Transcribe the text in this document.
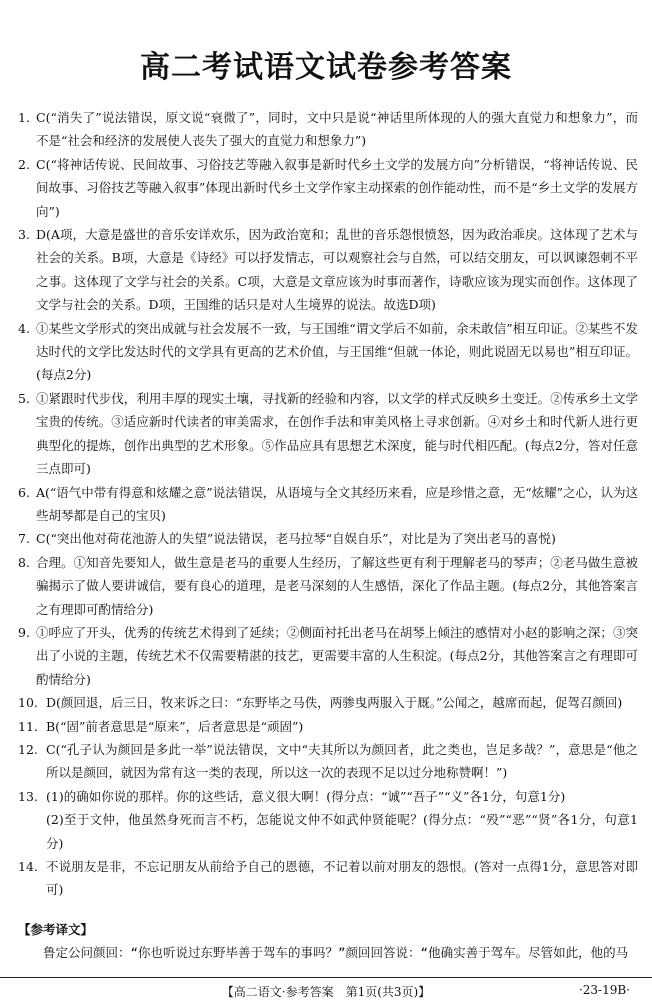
高二考试语文试卷参考答案
1. C(“消失了”说法错误，原文说“衰微了”，同时，文中只是说“神话里所体现的人的强大直觉力和想象力”，而不是“社会和经济的发展使人丧失了强大的直觉力和想象力”)
2. C(“将神话传说、民间故事、习俗技艺等融入叙事是新时代乡土文学的发展方向”分析错误，“将神话传说、民间故事、习俗技艺等融入叙事”体现出新时代乡土文学作家主动探索的创作能动性，而不是“乡土文学的发展方向”)
3. D(A项，大意是盛世的音乐安详欢乐，因为政治宽和；乱世的音乐怨恨愤怒，因为政治乖戾。这体现了艺术与社会的关系。B项，大意是《诗经》可以抒发情志，可以观察社会与自然，可以结交朋友，可以讽谏怨刺不平之事。这体现了文学与社会的关系。C项，大意是文章应该为时事而著作，诗歌应该为现实而创作。这体现了文学与社会的关系。D项，王国维的话只是对人生境界的说法。故选D项)
4. ①某些文学形式的突出成就与社会发展不一致，与王国维“谓文学后不如前，余未敢信”相互印证。②某些不发达时代的文学比发达时代的文学具有更高的艺术价值，与王国维“但就一体论，则此说固无以易也”相互印证。(每点2分)
5. ①紧跟时代步伐，利用丰厚的现实土壤，寻找新的经验和内容，以文学的样式反映乡土变迁。②传承乡土文学宝贵的传统。③适应新时代读者的审美需求，在创作手法和审美风格上寻求创新。④对乡土和时代新人进行更典型化的提炼，创作出典型的艺术形象。⑤作品应具有思想艺术深度，能与时代相匹配。(每点2分，答对任意三点即可)
6. A(“语气中带有得意和炫耀之意”说法错误，从语境与全文其经历来看，应是珍惜之意，无“炫耀”之心，认为这些胡琴都是自己的宝贝)
7. C(“突出他对荷花池游人的失望”说法错误，老马拉琴“自娱自乐”，对比是为了突出老马的喜悦)
8. 合理。①知音先要知人，做生意是老马的重要人生经历，了解这些更有利于理解老马的琴声；②老马做生意被骗揭示了做人要讲诚信，要有良心的道理，是老马深刻的人生感悟，深化了作品主题。(每点2分，其他答案言之有理即可酌情给分)
9. ①呼应了开头，优秀的传统艺术得到了延续；②侧面衬托出老马在胡琴上倾注的感情对小赵的影响之深；③突出了小说的主题，传统艺术不仅需要精湛的技艺，更需要丰富的人生积淀。(每点2分，其他答案言之有理即可酌情给分)
10. D(颜回退，后三日，牧来诉之曰：“东野毕之马佚，两骖曳两服入于厩。”公闻之，越席而起，促驾召颜回)
11. B(“固”前者意思是“原来”，后者意思是“顽固”)
12. C(“孔子认为颜回是多此一举”说法错误，文中“夫其所以为颜回者，此之类也，岂足多哉？”，意思是“他之所以是颜回，就因为常有这一类的表现，所以这一次的表现不足以过分地称赞啊！”)
13. (1)的确如你说的那样。你的这些话，意义很大啊！(得分点：“诚”“吾子”“义”各1分，句意1分)
(2)至于文仲，他虽然身死而言不朽，怎能说文仲不如武仲贤能呢？(得分点：“殁”“恶”“贤”各1分，句意1分)
14. 不说朋友是非，不忘记朋友从前给予自己的恩德，不记着以前对朋友的怨恨。(答对一点得1分，意思答对即可)
【参考译文】
鲁定公问颜回：“你也听说过东野毕善于驾车的事吗？”颜回回答说：“他确实善于驾车。尽管如此，他的马
【高二语文·参考答案　第1页(共3页)】	·23-19B·
